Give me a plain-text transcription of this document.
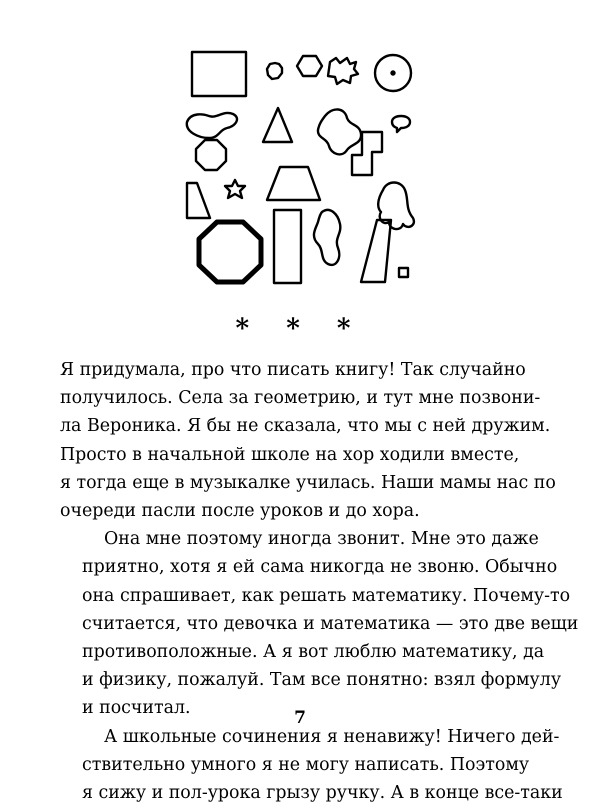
* * *

Я придумала, про что писать книгу! Так случайно
получилось. Села за геометрию, и тут мне позвони-
ла Вероника. Я бы не сказала, что мы с ней дружим.
Просто в начальной школе на хор ходили вместе,
я тогда еще в музыкалке училась. Наши мамы нас по
очереди пасли после уроков и до хора.

Она мне поэтому иногда звонит. Мне это даже
приятно, хотя я ей сама никогда не звоню. Обычно
она спрашивает, как решать математику. Почему-то
считается, что девочка и математика — это две вещи
противоположные. А я вот люблю математику, да
и физику, пожалуй. Там все понятно: взял формулу
и посчитал.

А школьные сочинения я ненавижу! Ничего дей-
ствительно умного я не могу написать. Поэтому
я сижу и пол-урока грызу ручку. А в конце все-таки

7
